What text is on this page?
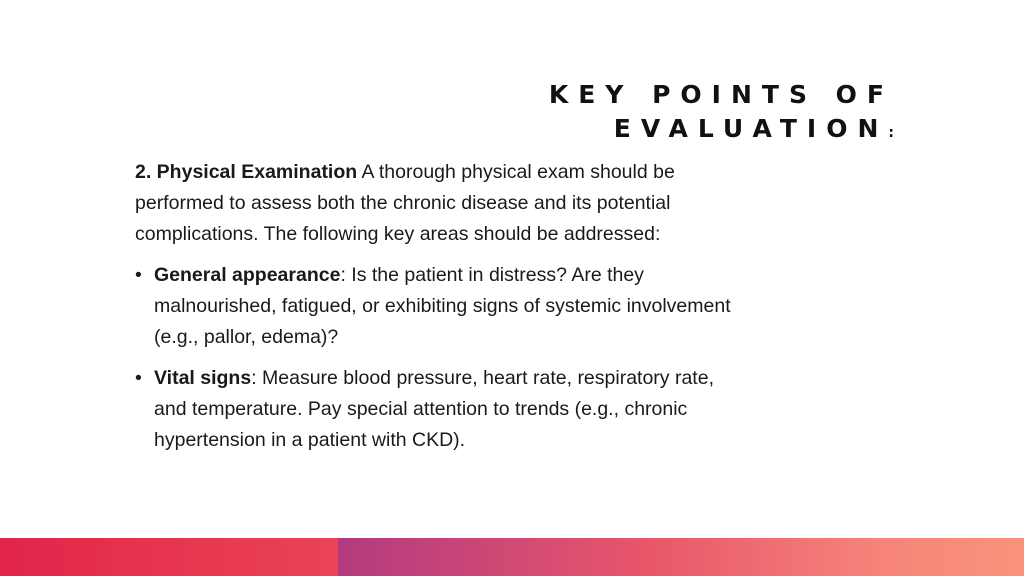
KEY POINTS OF
EVALUATION:

2. Physical Examination A thorough physical exam should be performed to assess both the chronic disease and its potential complications. The following key areas should be addressed:

• General appearance: Is the patient in distress? Are they malnourished, fatigued, or exhibiting signs of systemic involvement (e.g., pallor, edema)?
• Vital signs: Measure blood pressure, heart rate, respiratory rate, and temperature. Pay special attention to trends (e.g., chronic hypertension in a patient with CKD).
